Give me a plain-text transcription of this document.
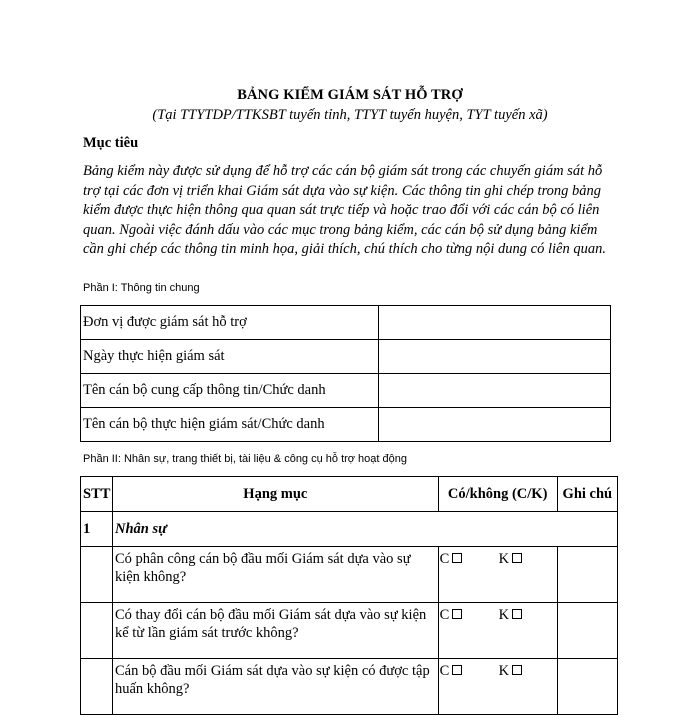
BẢNG KIỂM GIÁM SÁT HỖ TRỢ
(Tại TTYTDP/TTKSBT tuyến tỉnh, TTYT tuyến huyện, TYT tuyến xã)
Mục tiêu

Bảng kiểm này được sử dụng để hỗ trợ các cán bộ giám sát trong các chuyến giám sát hỗ trợ tại các đơn vị triển khai Giám sát dựa vào sự kiện. Các thông tin ghi chép trong bảng kiểm được thực hiện thông qua quan sát trực tiếp và hoặc trao đổi với các cán bộ có liên quan. Ngoài việc đánh dấu vào các mục trong bảng kiểm, các cán bộ sử dụng bảng kiểm cần ghi chép các thông tin minh họa, giải thích, chú thích cho từng nội dung có liên quan.

Phần I: Thông tin chung
Đơn vị được giám sát hỗ trợ	
Ngày thực hiện giám sát	
Tên cán bộ cung cấp thông tin/Chức danh	
Tên cán bộ thực hiện giám sát/Chức danh	
Phần II: Nhân sự, trang thiết bị, tài liệu & công cụ hỗ trợ hoạt động
STT	Hạng mục	Có/không (C/K)	Ghi chú
1	Nhân sự		
	Có phân công cán bộ đầu mối Giám sát dựa vào sự kiện không?	C K	

	Có thay đổi cán bộ đầu mối Giám sát dựa vào sự kiện kể từ lần giám sát trước không?	C K	

	Cán bộ đầu mối Giám sát dựa vào sự kiện có được tập huấn không?	C K	
